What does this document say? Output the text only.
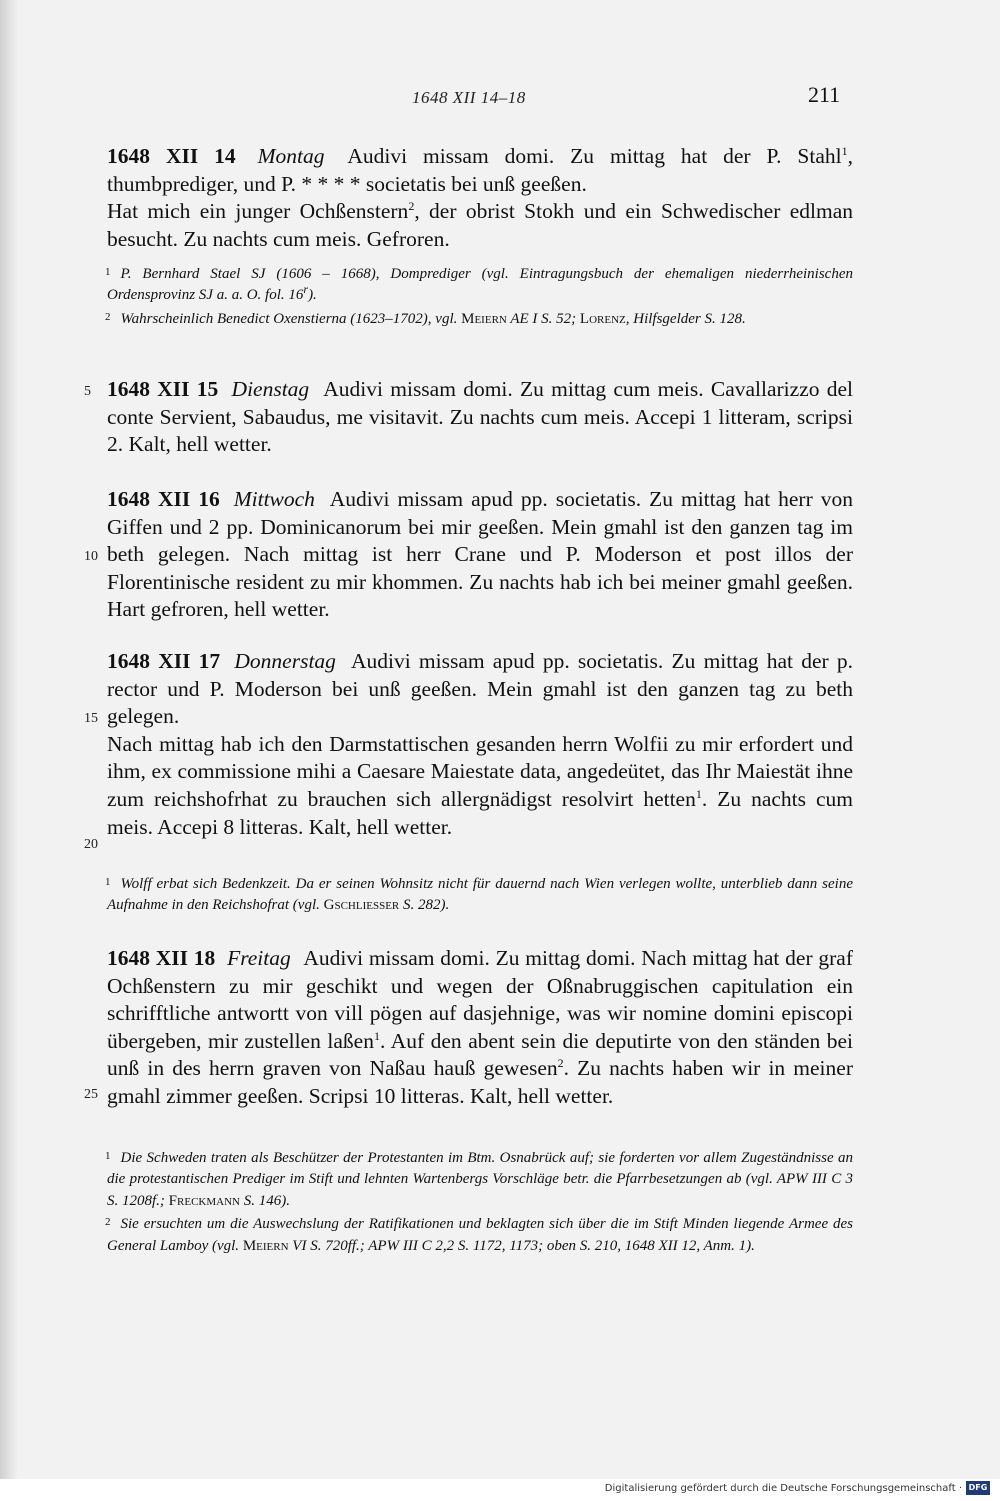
1648 XII 14–18	211

1648 XII 14 Montag Audivi missam domi. Zu mittag hat der P. Stahl$^1$, thumbprediger, und P. * * * * societatis bei unß geeßen.

Hat mich ein junger Ochßenstern$^2$, der obrist Stokh und ein Schwedischer edlman besucht. Zu nachts cum meis. Gefroren.

$^1$ P. Bernhard Stael SJ (1606 – 1668), Domprediger (vgl. Eintragungsbuch der ehemaligen niederrheinischen Ordensprovinz SJ a. a. O. fol. 16$^r$).

$^2$ Wahrscheinlich Benedict Oxenstierna (1623–1702), vgl. Meiern AE I S. 52; Lorenz, Hilfsgelder S. 128.

1648 XII 15 Dienstag Audivi missam domi. Zu mittag cum meis. Cavallarizzo del conte Servient, Sabaudus, me visitavit. Zu nachts cum meis. Accepi 1 litteram, scripsi 2. Kalt, hell wetter.

1648 XII 16 Mittwoch Audivi missam apud pp. societatis. Zu mittag hat herr von Giffen und 2 pp. Dominicanorum bei mir geeßen. Mein gmahl ist den ganzen tag im beth gelegen. Nach mittag ist herr Crane und P. Moderson et post illos der Florentinische resident zu mir khommen. Zu nachts hab ich bei meiner gmahl geeßen. Hart gefroren, hell wetter.

1648 XII 17 Donnerstag Audivi missam apud pp. societatis. Zu mittag hat der p. rector und P. Moderson bei unß geeßen. Mein gmahl ist den ganzen tag zu beth gelegen.

Nach mittag hab ich den Darmstattischen gesanden herrn Wolfii zu mir erfordert und ihm, ex commissione mihi a Caesare Maiestate data, angedeütet, das Ihr Maiestät ihne zum reichshofrhat zu brauchen sich allergnädigst resolvirt hetten$^1$. Zu nachts cum meis. Accepi 8 litteras. Kalt, hell wetter.

$^1$ Wolff erbat sich Bedenkzeit. Da er seinen Wohnsitz nicht für dauernd nach Wien verlegen wollte, unterblieb dann seine Aufnahme in den Reichshofrat (vgl. Gschliesser S. 282).

1648 XII 18 Freitag Audivi missam domi. Zu mittag domi. Nach mittag hat der graf Ochßenstern zu mir geschikt und wegen der Oßnabruggischen capitulation ein schrifftliche antwortt von vill pögen auf dasjehnige, was wir nomine domini episcopi übergeben, mir zustellen laßen$^1$. Auf den abent sein die deputirte von den ständen bei unß in des herrn graven von Naßau hauß gewesen$^2$. Zu nachts haben wir in meiner gmahl zimmer geeßen. Scripsi 10 litteras. Kalt, hell wetter.

$^1$ Die Schweden traten als Beschützer der Protestanten im Btm. Osnabrück auf; sie forderten vor allem Zugeständnisse an die protestantischen Prediger im Stift und lehnten Wartenbergs Vorschläge betr. die Pfarrbesetzungen ab (vgl. APW III C 3 S. 1208f.; Freckmann S. 146).

$^2$ Sie ersuchten um die Auswechslung der Ratifikationen und beklagten sich über die im Stift Minden liegende Armee des General Lamboy (vgl. Meiern VI S. 720ff.; APW III C 2,2 S. 1172, 1173; oben S. 210, 1648 XII 12, Anm. 1).

5
10
15
20
25
Digitalisierung gefördert durch die Deutsche Forschungsgemeinschaft · DFG
